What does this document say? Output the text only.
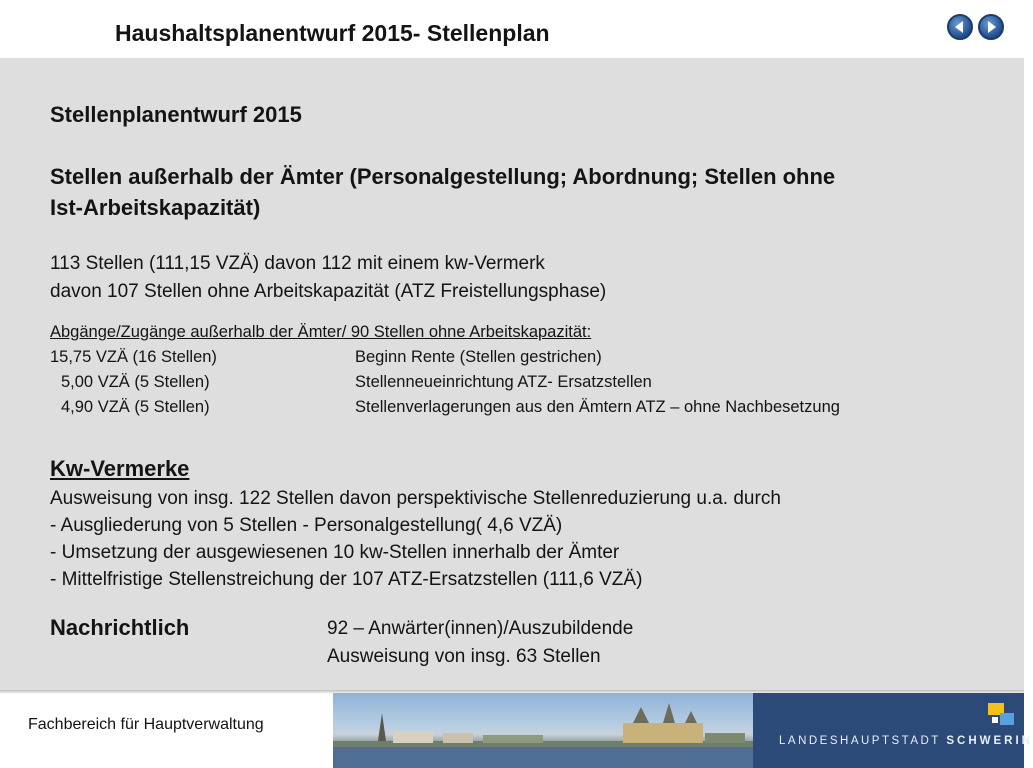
Haushaltsplanentwurf 2015- Stellenplan
Stellenplanentwurf 2015
Stellen außerhalb der Ämter (Personalgestellung; Abordnung; Stellen ohne
Ist-Arbeitskapazität)
113 Stellen (111,15 VZÄ) davon 112 mit einem kw-Vermerk
davon 107 Stellen ohne Arbeitskapazität (ATZ Freistellungsphase)
Abgänge/Zugänge außerhalb der Ämter/ 90 Stellen ohne Arbeitskapazität:
15,75 VZÄ (16 Stellen)	Beginn Rente (Stellen gestrichen)
5,00 VZÄ (5 Stellen)	Stellenneueinrichtung ATZ- Ersatzstellen
4,90 VZÄ (5 Stellen)	Stellenverlagerungen aus den Ämtern ATZ – ohne Nachbesetzung
Kw-Vermerke
Ausweisung von insg. 122 Stellen davon perspektivische Stellenreduzierung u.a. durch
- Ausgliederung von 5 Stellen - Personalgestellung( 4,6 VZÄ)
- Umsetzung der ausgewiesenen 10 kw-Stellen innerhalb der Ämter
- Mittelfristige Stellenstreichung der 107 ATZ-Ersatzstellen (111,6 VZÄ)
Nachrichtlich	92 – Anwärter(innen)/Auszubildende
Ausweisung von insg. 63 Stellen
Fachbereich für Hauptverwaltung
LANDESHAUPTSTADT SCHWERIN
